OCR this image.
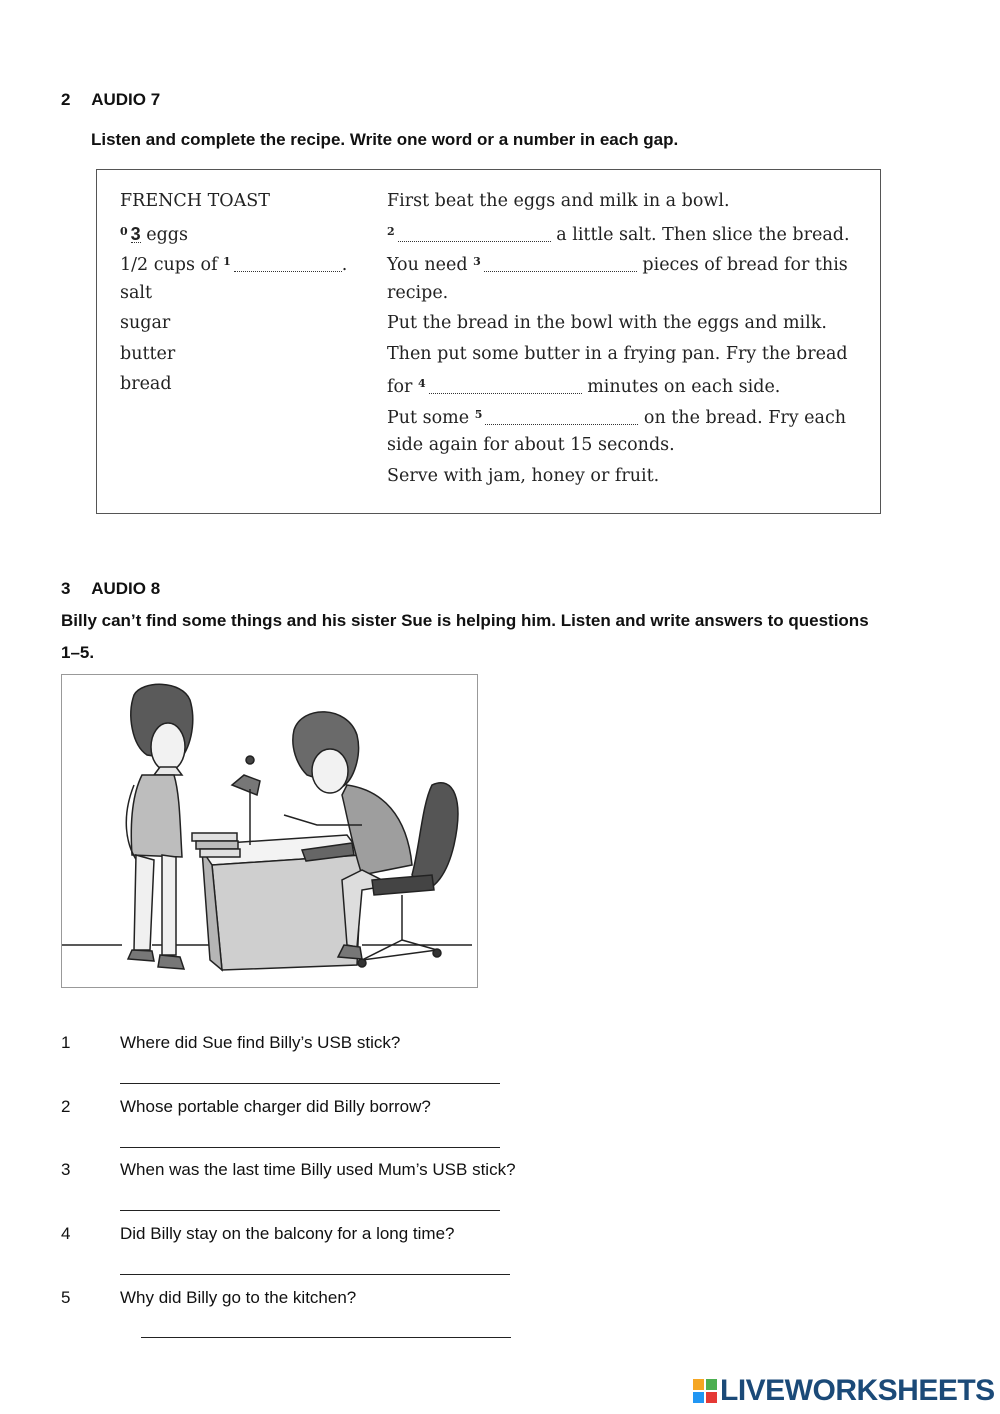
2 AUDIO 7
Listen and complete the recipe. Write one word or a number in each gap.
FRENCH TOAST
$^0$ 3 eggs
1/2 cups of $^1$	.
salt
sugar
butter
bread
First beat the eggs and milk in a bowl.
$^2$	a little salt. Then slice the bread.
You need $^3$	pieces of bread for this
recipe.
Put the bread in the bowl with the eggs and milk.
Then put some butter in a frying pan. Fry the bread
for $^4$	minutes on each side.
Put some $^5$	on the bread. Fry each
side again for about 15 seconds.
Serve with jam, honey or fruit.
3 AUDIO 8
Billy can’t find some things and his sister Sue is helping him. Listen and write answers to questions
1–5.
1	Where did Sue find Billy’s USB stick?
2	Whose portable charger did Billy borrow?
3	When was the last time Billy used Mum’s USB stick?
4	Did Billy stay on the balcony for a long time?
5	Why did Billy go to the kitchen?
LIVEWORKSHEETS
